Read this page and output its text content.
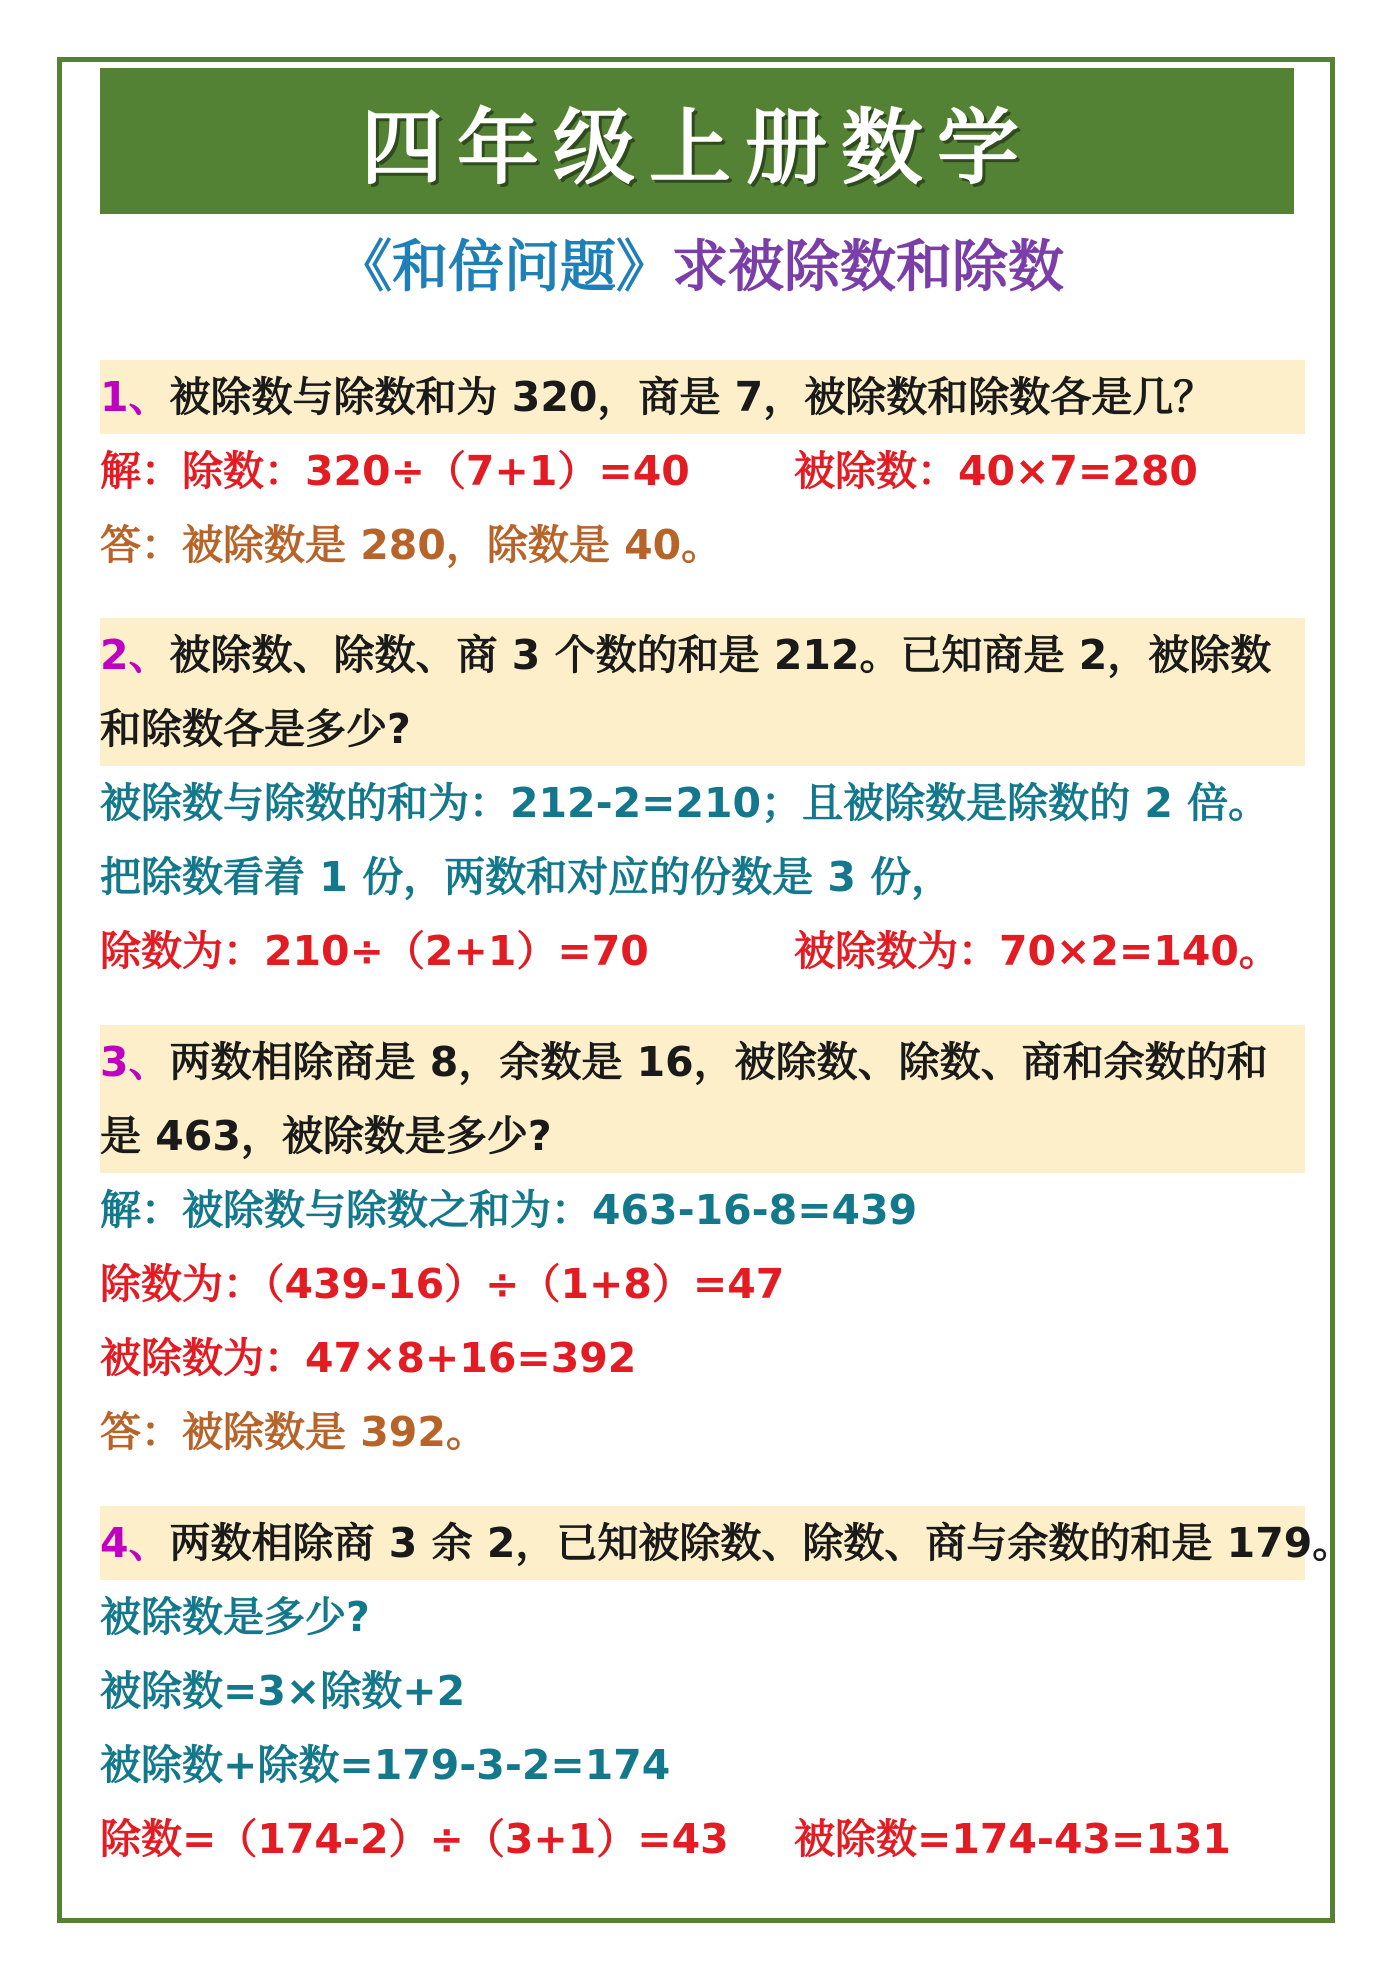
四年级上册数学
《和倍问题》求被除数和除数
1、被除数与除数和为 320，商是 7，被除数和除数各是几？
解：除数：320÷（7+1）=40	被除数：40×7=280
答：被除数是 280，除数是 40。
2、被除数、除数、商 3 个数的和是 212。已知商是 2，被除数
和除数各是多少?
被除数与除数的和为：212-2=210；且被除数是除数的 2 倍。
把除数看着 1 份，两数和对应的份数是 3 份，
除数为：210÷（2+1）=70	被除数为：70×2=140。
3、两数相除商是 8，余数是 16，被除数、除数、商和余数的和
是 463，被除数是多少?
解：被除数与除数之和为：463-16-8=439
除数为：（439-16）÷（1+8）=47
被除数为：47×8+16=392
答：被除数是 392。
4、两数相除商 3 余 2，已知被除数、除数、商与余数的和是 179。
被除数是多少?
被除数=3×除数+2
被除数+除数=179-3-2=174
除数=（174-2）÷（3+1）=43 被除数=174-43=131
